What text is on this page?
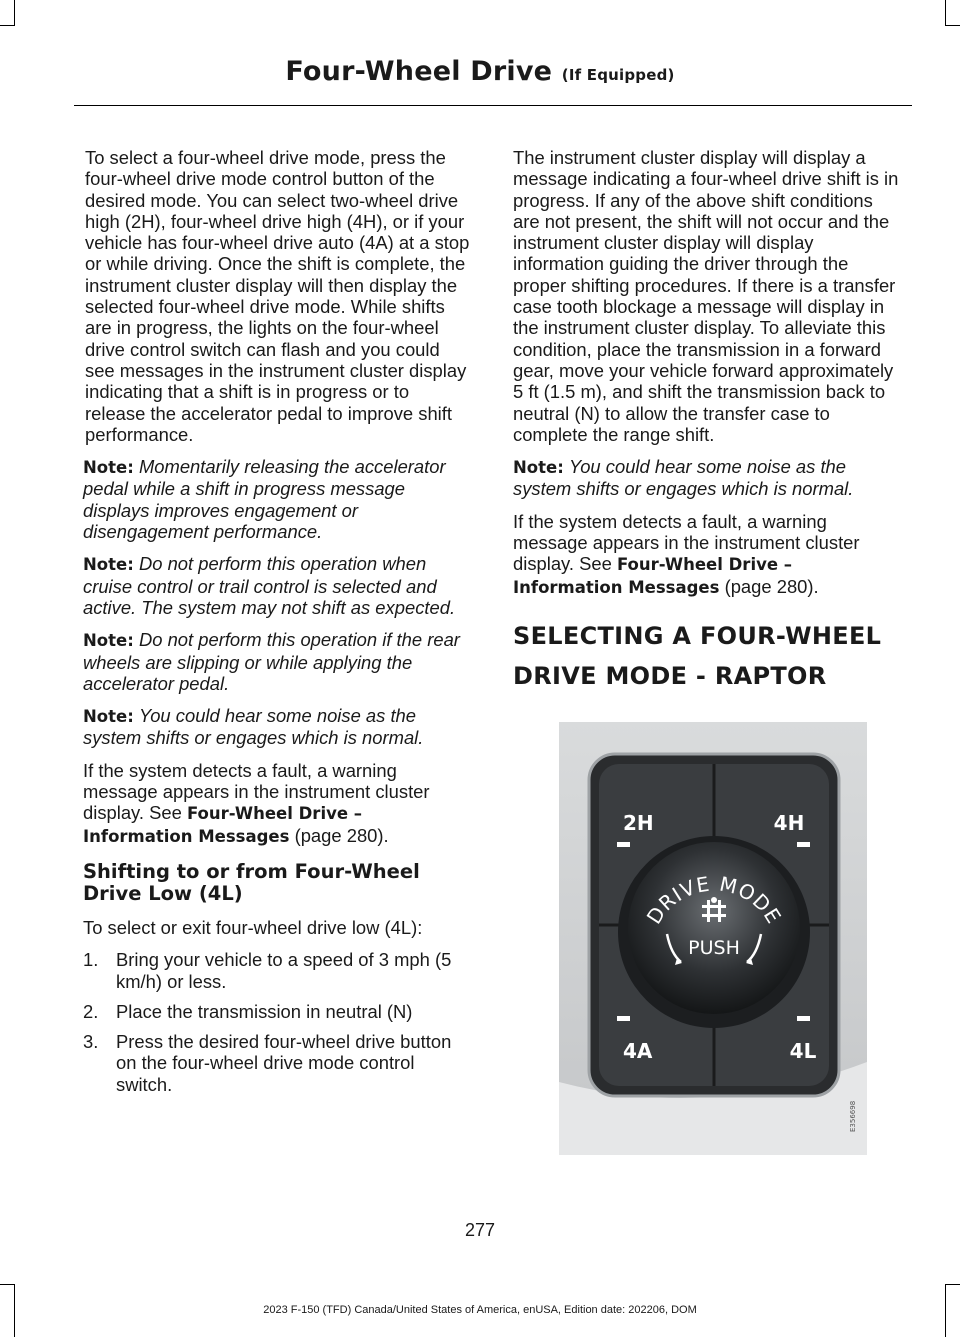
Four-Wheel Drive (If Equipped)

To select a four-wheel drive mode, press the four-wheel drive mode control button of the desired mode. You can select two-wheel drive high (2H), four-wheel drive high (4H), or if your vehicle has four-wheel drive auto (4A) at a stop or while driving. Once the shift is complete, the instrument cluster display will then display the selected four-wheel drive mode. While shifts are in progress, the lights on the four-wheel drive control switch can flash and you could see messages in the instrument cluster display indicating that a shift is in progress or to release the accelerator pedal to improve shift performance.

Note: Momentarily releasing the accelerator pedal while a shift in progress message displays improves engagement or disengagement performance.

Note: Do not perform this operation when cruise control or trail control is selected and active. The system may not shift as expected.

Note: Do not perform this operation if the rear wheels are slipping or while applying the accelerator pedal.

Note: You could hear some noise as the system shifts or engages which is normal.

If the system detects a fault, a warning message appears in the instrument cluster display. See Four-Wheel Drive – Information Messages (page 280).

Shifting to or from Four-Wheel Drive Low (4L)

To select or exit four-wheel drive low (4L):

1. Bring your vehicle to a speed of 3 mph (5 km/h) or less.
2. Place the transmission in neutral (N)
3. Press the desired four-wheel drive button on the four-wheel drive mode control switch.

The instrument cluster display will display a message indicating a four-wheel drive shift is in progress. If any of the above shift conditions are not present, the shift will not occur and the instrument cluster display will display information guiding the driver through the proper shifting procedures. If there is a transfer case tooth blockage a message will display in the instrument cluster display. To alleviate this condition, place the transmission in a forward gear, move your vehicle forward approximately 5 ft (1.5 m), and shift the transmission back to neutral (N) to allow the transfer case to complete the range shift.

Note: You could hear some noise as the system shifts or engages which is normal.

If the system detects a fault, a warning message appears in the instrument cluster display. See Four-Wheel Drive – Information Messages (page 280).

SELECTING A FOUR-WHEEL
DRIVE MODE - RAPTOR
2H	4H
4A	4L
DRIVE MODE
PUSH
E356698
277
2023 F-150 (TFD) Canada/United States of America, enUSA, Edition date: 202206, DOM
